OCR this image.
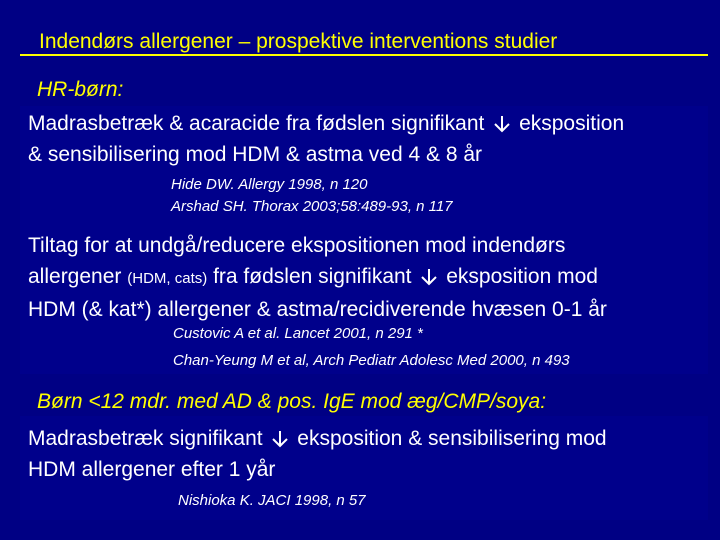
Indendørs allergener – prospektive interventions studier
HR-børn:

Madrasbetræk & acaracide fra fødslen signifikant eksposition
& sensibilisering mod HDM & astma ved 4 & 8 år

Hide DW. Allergy 1998, n 120
Arshad SH. Thorax 2003;58:489-93, n 117

Tiltag for at undgå/reducere ekspositionen mod indendørs
allergener (HDM, cats) fra fødslen signifikant eksposition mod
HDM (& kat*) allergener & astma/recidiverende hvæsen 0-1 år

Custovic A et al. Lancet 2001, n 291 *
Chan-Yeung M et al, Arch Pediatr Adolesc Med 2000, n 493
Børn <12 mdr. med AD & pos. IgE mod æg/CMP/soya:

Madrasbetræk signifikant eksposition & sensibilisering mod
HDM allergener efter 1 yår

Nishioka K. JACI 1998, n 57
